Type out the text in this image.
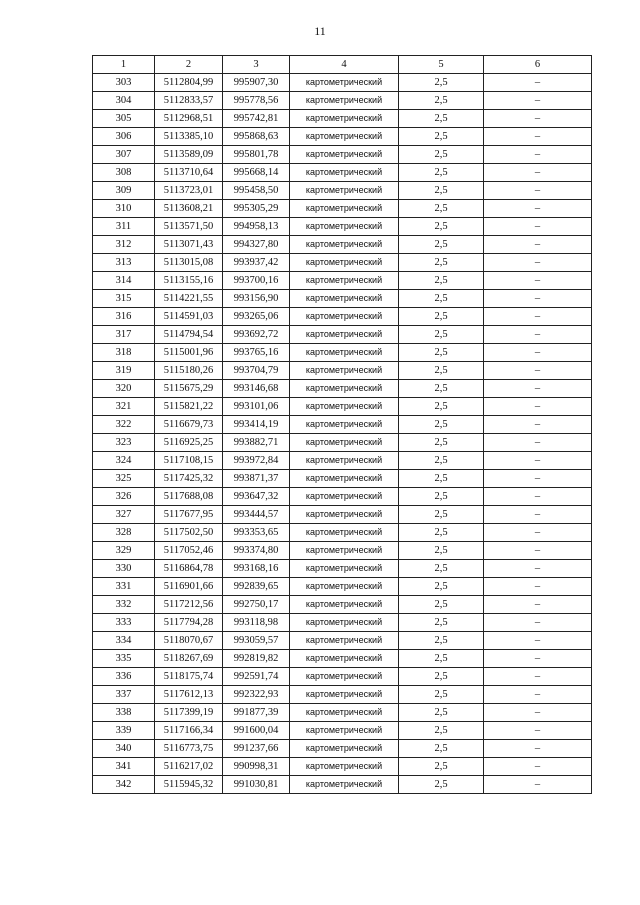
11
1	2	3	4	5	6
303	5112804,99	995907,30	картометрический	2,5	–
304	5112833,57	995778,56	картометрический	2,5	–
305	5112968,51	995742,81	картометрический	2,5	–
306	5113385,10	995868,63	картометрический	2,5	–
307	5113589,09	995801,78	картометрический	2,5	–
308	5113710,64	995668,14	картометрический	2,5	–
309	5113723,01	995458,50	картометрический	2,5	–
310	5113608,21	995305,29	картометрический	2,5	–
311	5113571,50	994958,13	картометрический	2,5	–
312	5113071,43	994327,80	картометрический	2,5	–
313	5113015,08	993937,42	картометрический	2,5	–
314	5113155,16	993700,16	картометрический	2,5	–
315	5114221,55	993156,90	картометрический	2,5	–
316	5114591,03	993265,06	картометрический	2,5	–
317	5114794,54	993692,72	картометрический	2,5	–
318	5115001,96	993765,16	картометрический	2,5	–
319	5115180,26	993704,79	картометрический	2,5	–
320	5115675,29	993146,68	картометрический	2,5	–
321	5115821,22	993101,06	картометрический	2,5	–
322	5116679,73	993414,19	картометрический	2,5	–
323	5116925,25	993882,71	картометрический	2,5	–
324	5117108,15	993972,84	картометрический	2,5	–
325	5117425,32	993871,37	картометрический	2,5	–
326	5117688,08	993647,32	картометрический	2,5	–
327	5117677,95	993444,57	картометрический	2,5	–
328	5117502,50	993353,65	картометрический	2,5	–
329	5117052,46	993374,80	картометрический	2,5	–
330	5116864,78	993168,16	картометрический	2,5	–
331	5116901,66	992839,65	картометрический	2,5	–
332	5117212,56	992750,17	картометрический	2,5	–
333	5117794,28	993118,98	картометрический	2,5	–
334	5118070,67	993059,57	картометрический	2,5	–
335	5118267,69	992819,82	картометрический	2,5	–
336	5118175,74	992591,74	картометрический	2,5	–
337	5117612,13	992322,93	картометрический	2,5	–
338	5117399,19	991877,39	картометрический	2,5	–
339	5117166,34	991600,04	картометрический	2,5	–
340	5116773,75	991237,66	картометрический	2,5	–
341	5116217,02	990998,31	картометрический	2,5	–
342	5115945,32	991030,81	картометрический	2,5	–
